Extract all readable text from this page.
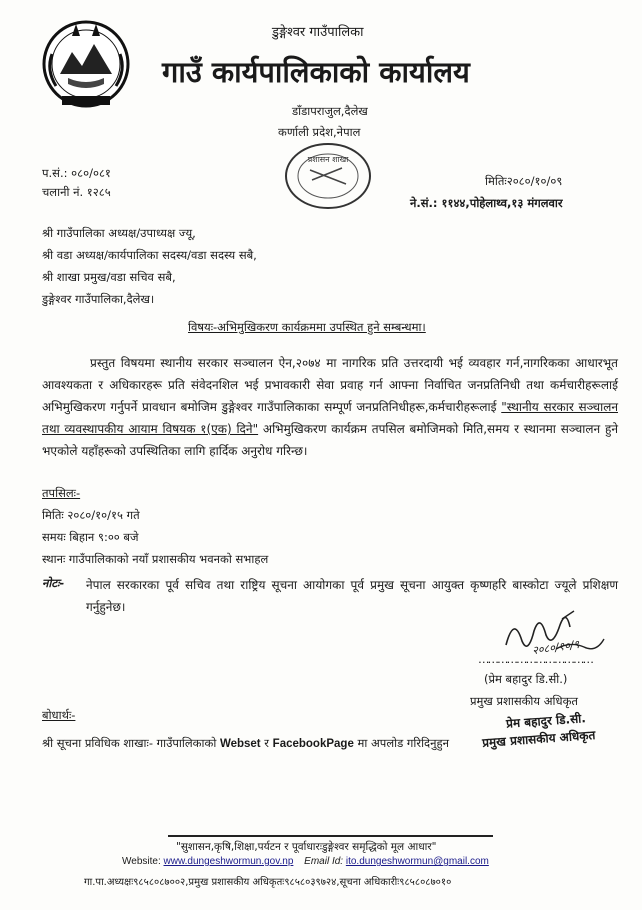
डुङ्गेश्वर गाउँपालिका
गाउँ कार्यपालिकाको कार्यालय
डाँडापराजुल,दैलेख
कर्णाली प्रदेश,नेपाल
प्रशासन शाखा
प.सं.: ०८०/०८१
चलानी नं. १२८५
मितिः२०८०/१०/०९
ने.सं.: ११४४,पोहेलाथ्व,१३ मंगलवार
श्री गाउँपालिका अध्यक्ष/उपाध्यक्ष ज्यू,
श्री वडा अध्यक्ष/कार्यपालिका सदस्य/वडा सदस्य सबै,
श्री शाखा प्रमुख/वडा सचिव सबै,
डुङ्गेश्वर गाउँपालिका,दैलेख।
विषयः-अभिमुखिकरण कार्यक्रममा उपस्थित हुने सम्बन्धमा।
प्रस्तुत विषयमा स्थानीय सरकार सञ्चालन ऐन,२०७४ मा नागरिक प्रति उत्तरदायी भई व्यवहार गर्न,नागरिकका आधारभूत आवश्यकता र अधिकारहरू प्रति संवेदनशिल भई प्रभावकारी सेवा प्रवाह गर्न आफ्ना निर्वाचित जनप्रतिनिधी तथा कर्मचारीहरूलाई अभिमुखिकरण गर्नुपर्ने प्रावधान बमोजिम डुङ्गेश्वर गाउँपालिकाका सम्पूर्ण जनप्रतिनिधीहरू,कर्मचारीहरूलाई "स्थानीय सरकार सञ्चालन तथा व्यवस्थापकीय आयाम विषयक १(एक) दिने" अभिमुखिकरण कार्यक्रम तपसिल बमोजिमको मिति,समय र स्थानमा सञ्चालन हुने भएकोले यहाँहरूको उपस्थितिका लागि हार्दिक अनुरोध गरिन्छ।
तपसिलः-
मितिः २०८०/१०/१५ गते
समयः बिहान ९:०० बजे
स्थानः गाउँपालिकाको नयाँ प्रशासकीय भवनको सभाहल
नोटः- नेपाल सरकारका पूर्व सचिव तथा राष्ट्रिय सूचना आयोगका पूर्व प्रमुख सूचना आयुक्त कृष्णहरि बास्कोटा ज्यूले प्रशिक्षण गर्नुहुनेछ।
२०८०/१०/९
………………………………
(प्रेम बहादुर डि.सी.)
प्रमुख प्रशासकीय अधिकृत
प्रेम बहादुर डि.सी.
प्रमुख प्रशासकीय अधिकृत
बोधार्थः-
श्री सूचना प्रविधिक शाखाः- गाउँपालिकाको Webset र FacebookPage मा अपलोड गरिदिनुहुन
"सुशासन,कृषि,शिक्षा,पर्यटन र पूर्वाधारःडुङ्गेश्वर समृद्धिको मूल आधार"
Website: www.dungeshwormun.gov.np Email Id: ito.dungeshwormun@gmail.com
गा.पा.अध्यक्षः९८५८०८७००२,प्रमुख प्रशासकीय अधिकृतः९८५८०३९७२४,सूचना अधिकारीः९८५८०८७०१०
